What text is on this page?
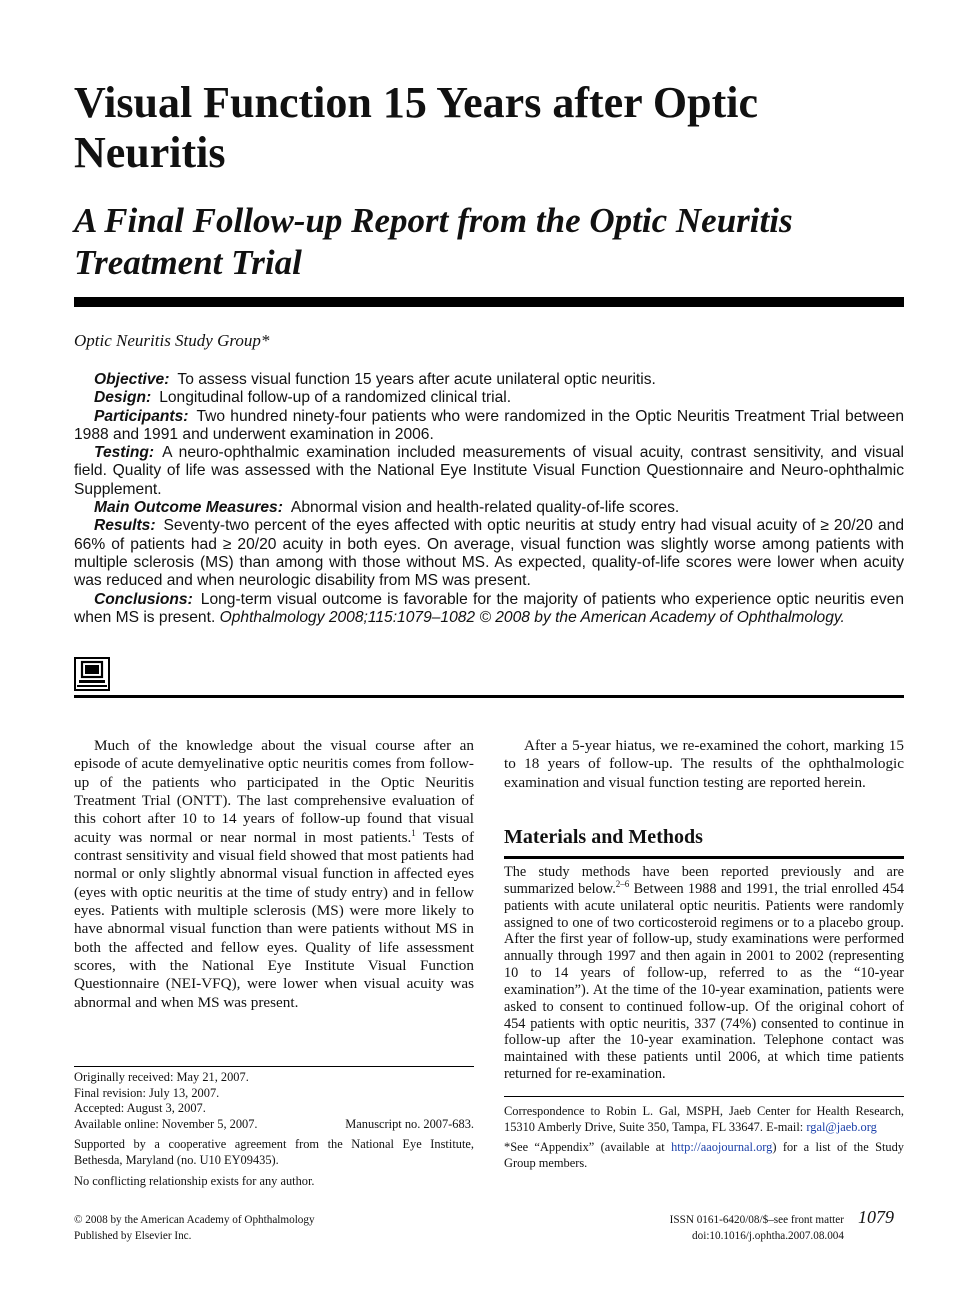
Visual Function 15 Years after Optic Neuritis
A Final Follow-up Report from the Optic Neuritis Treatment Trial
Optic Neuritis Study Group*

Objective: To assess visual function 15 years after acute unilateral optic neuritis.

Design: Longitudinal follow-up of a randomized clinical trial.

Participants: Two hundred ninety-four patients who were randomized in the Optic Neuritis Treatment Trial between 1988 and 1991 and underwent examination in 2006.

Testing: A neuro-ophthalmic examination included measurements of visual acuity, contrast sensitivity, and visual field. Quality of life was assessed with the National Eye Institute Visual Function Questionnaire and Neuro-ophthalmic Supplement.

Main Outcome Measures: Abnormal vision and health-related quality-of-life scores.

Results: Seventy-two percent of the eyes affected with optic neuritis at study entry had visual acuity of ≥ 20/20 and 66% of patients had ≥ 20/20 acuity in both eyes. On average, visual function was slightly worse among patients with multiple sclerosis (MS) than among with those without MS. As expected, quality-of-life scores were lower when acuity was reduced and when neurologic disability from MS was present.

Conclusions: Long-term visual outcome is favorable for the majority of patients who experience optic neuritis even when MS is present. Ophthalmology 2008;115:1079–1082 © 2008 by the American Academy of Ophthalmology.

Much of the knowledge about the visual course after an episode of acute demyelinative optic neuritis comes from follow-up of the patients who participated in the Optic Neuritis Treatment Trial (ONTT). The last comprehensive evaluation of this cohort after 10 to 14 years of follow-up found that visual acuity was normal or near normal in most patients.$^1$ Tests of contrast sensitivity and visual field showed that most patients had normal or only slightly abnormal visual function in affected eyes (eyes with optic neuritis at the time of study entry) and in fellow eyes. Patients with multiple sclerosis (MS) were more likely to have abnormal visual function than were patients without MS in both the affected and fellow eyes. Quality of life assessment scores, with the National Eye Institute Visual Function Questionnaire (NEI-VFQ), were lower when visual acuity was abnormal and when MS was present.

After a 5-year hiatus, we re-examined the cohort, marking 15 to 18 years of follow-up. The results of the ophthalmologic examination and visual function testing are reported herein.

Materials and Methods

The study methods have been reported previously and are summarized below.$^{2-6}$ Between 1988 and 1991, the trial enrolled 454 patients with acute unilateral optic neuritis. Patients were randomly assigned to one of two corticosteroid regimens or to a placebo group. After the first year of follow-up, study examinations were performed annually through 1997 and then again in 2001 to 2002 (representing 10 to 14 years of follow-up, referred to as the “10-year examination”). At the time of the 10-year examination, patients were asked to consent to continued follow-up. Of the original cohort of 454 patients with optic neuritis, 337 (74%) consented to continue in follow-up after the 10-year examination. Telephone contact was maintained with these patients until 2006, at which time patients returned for re-examination.

Originally received: May 21, 2007.
Final revision: July 13, 2007.
Accepted: August 3, 2007.
Available online: November 5, 2007.	Manuscript no. 2007-683.

Supported by a cooperative agreement from the National Eye Institute, Bethesda, Maryland (no. U10 EY09435).

No conflicting relationship exists for any author.

Correspondence to Robin L. Gal, MSPH, Jaeb Center for Health Research, 15310 Amberly Drive, Suite 350, Tampa, FL 33647. E-mail: rgal@jaeb.org

*See “Appendix” (available at http://aaojournal.org) for a list of the Study Group members.

© 2008 by the American Academy of Ophthalmology
Published by Elsevier Inc.
ISSN 0161-6420/08/$–see front matter
doi:10.1016/j.ophtha.2007.08.004
1079
